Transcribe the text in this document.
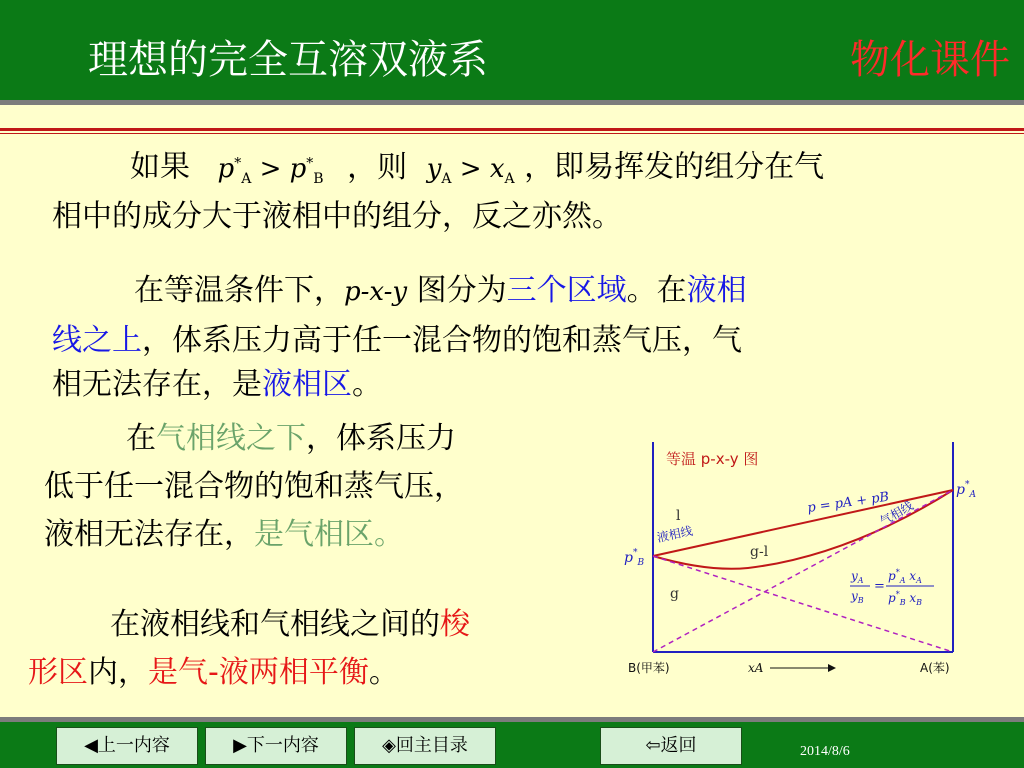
理想的完全互溶双液系	物化课件
如果 $p^*_A > p^*_B$ ，则 $y_A > x_A$ ，即易挥发的组分在气
相中的成分大于液相中的组分，反之亦然。
在等温条件下，p-x-y 图分为三个区域。在液相
线之上，体系压力高于任一混合物的饱和蒸气压，气
相无法存在，是液相区。
在气相线之下，体系压力
低于任一混合物的饱和蒸气压，
液相无法存在，是气相区。
在液相线和气相线之间的梭
形区内，是气-液两相平衡。
等温 p-x-y 图
l
g-l
g
液相线
气相线
p = pA + pB
$p^*_B$
$p^*_A$
$y_A$
$y_B$
=
$p^*_A$ $x_A$
$p^*_B$ $x_B$
B(甲苯)	A(苯)
xA
◀上一内容	▶下一内容	◈回主目录	⇦返回	2014/8/6
